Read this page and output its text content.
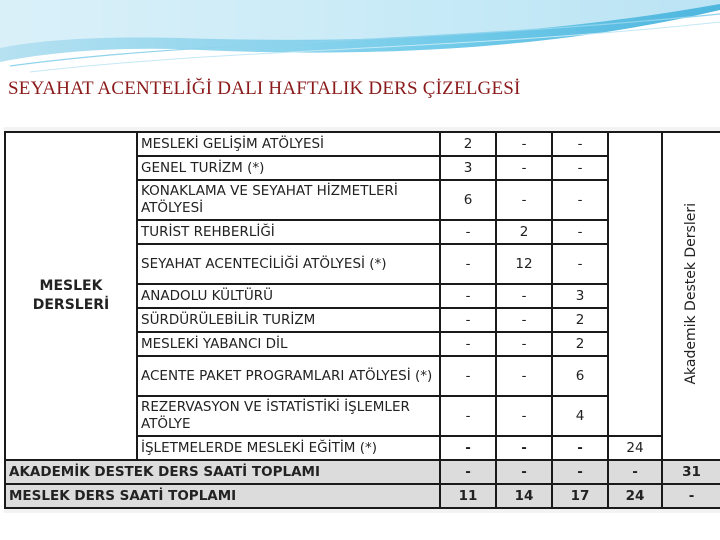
SEYAHAT ACENTELİĞİ DALI HAFTALIK DERS ÇİZELGESİ
MESLEK DERSLERİ	MESLEKİ GELİŞİM ATÖLYESİ	2	-	-		Akademik Destek Dersleri
	GENEL TURİZM (*)	3	-	-		
	KONAKLAMA VE SEYAHAT HİZMETLERİ ATÖLYESİ	6	-	-		
	TURİST REHBERLİĞİ	-	2	-		
	SEYAHAT ACENTECİLİĞİ ATÖLYESİ (*)	-	12	-		
	ANADOLU KÜLTÜRÜ	-	-	3		
	SÜRDÜRÜLEBİLİR TURİZM	-	-	2		
	MESLEKİ YABANCI DİL	-	-	2		
	ACENTE PAKET PROGRAMLARI ATÖLYESİ (*)	-	-	6		
	REZERVASYON VE İSTATİSTİKİ İŞLEMLER ATÖLYE	-	-	4		
	İŞLETMELERDE MESLEKİ EĞİTİM (*)	-	-	-	24	
AKADEMİK DESTEK DERS SAATİ TOPLAMI		-	-	-	-	31
MESLEK DERS SAATİ TOPLAMI		11	14	17	24	-
